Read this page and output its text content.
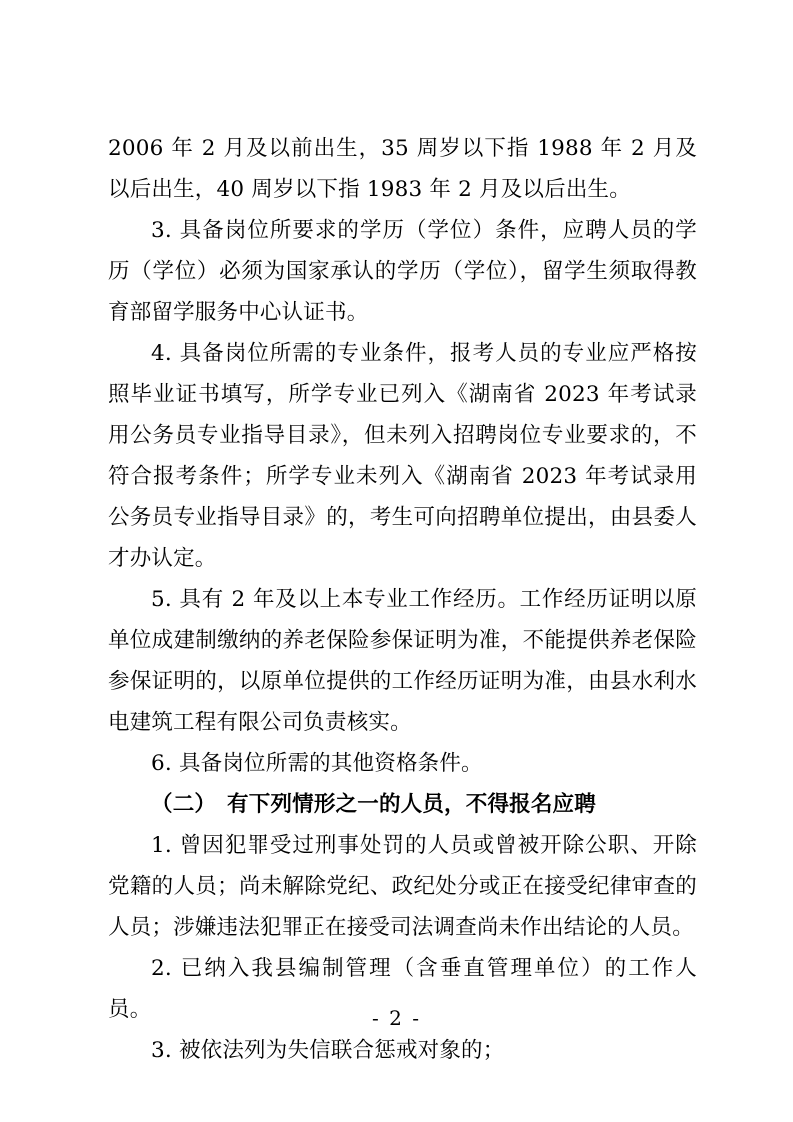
2006 年 2 月及以前出生，35 周岁以下指 1988 年 2 月及以后出生，40 周岁以下指 1983 年 2 月及以后出生。

3. 具备岗位所要求的学历（学位）条件，应聘人员的学历（学位）必须为国家承认的学历（学位），留学生须取得教育部留学服务中心认证书。

4. 具备岗位所需的专业条件，报考人员的专业应严格按照毕业证书填写，所学专业已列入《湖南省 2023 年考试录用公务员专业指导目录》，但未列入招聘岗位专业要求的，不符合报考条件；所学专业未列入《湖南省 2023 年考试录用公务员专业指导目录》的，考生可向招聘单位提出，由县委人才办认定。

5. 具有 2 年及以上本专业工作经历。工作经历证明以原单位成建制缴纳的养老保险参保证明为准，不能提供养老保险参保证明的，以原单位提供的工作经历证明为准，由县水利水电建筑工程有限公司负责核实。

6. 具备岗位所需的其他资格条件。

（二）　有下列情形之一的人员，不得报名应聘

1. 曾因犯罪受过刑事处罚的人员或曾被开除公职、开除党籍的人员；尚未解除党纪、政纪处分或正在接受纪律审查的人员；涉嫌违法犯罪正在接受司法调查尚未作出结论的人员。

2. 已纳入我县编制管理（含垂直管理单位）的工作人员。

3. 被依法列为失信联合惩戒对象的；

- 2 -
